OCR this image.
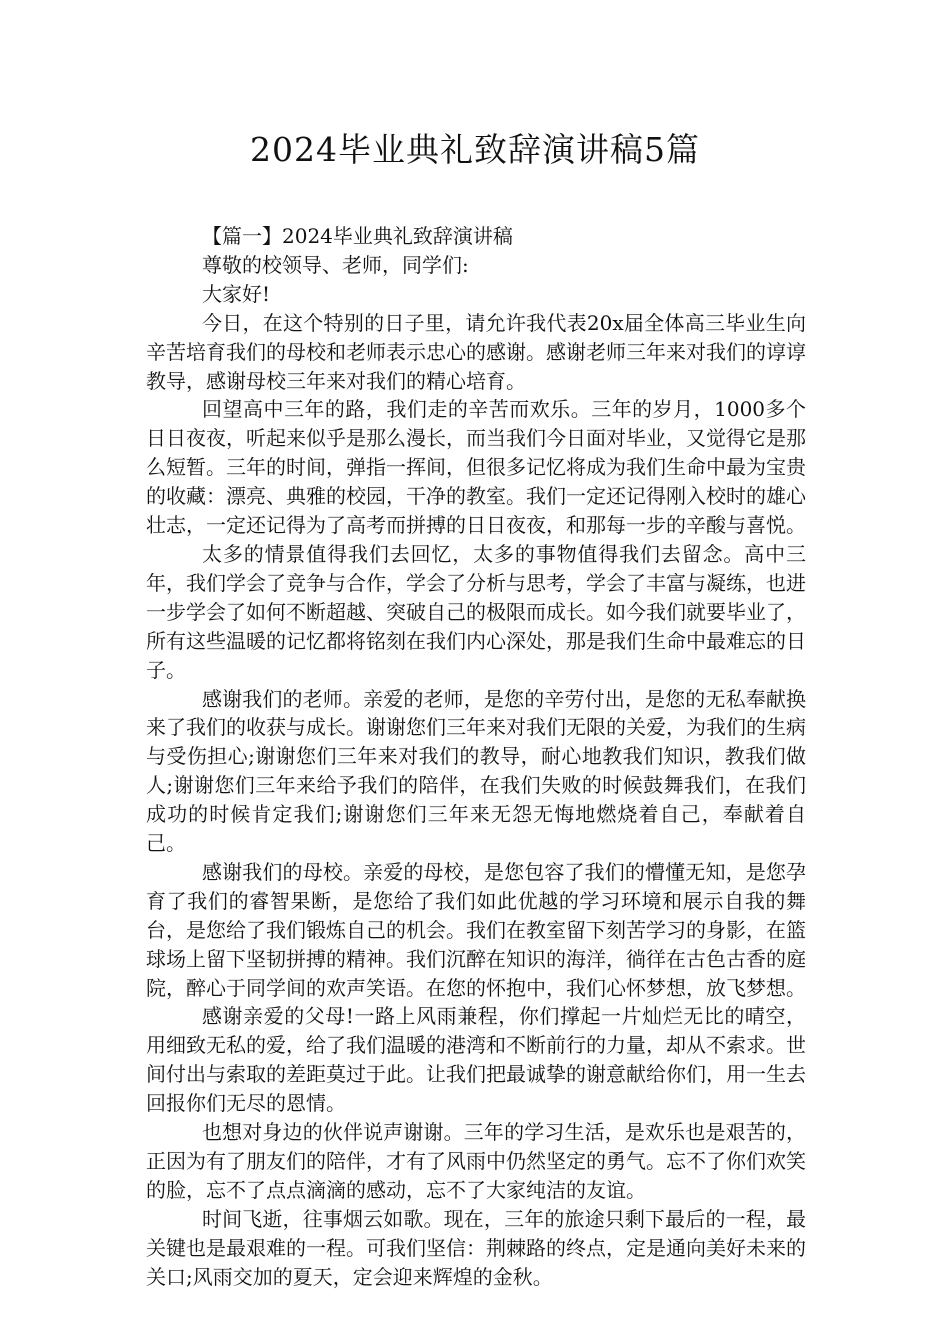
2024毕业典礼致辞演讲稿5篇

【篇一】2024毕业典礼致辞演讲稿

尊敬的校领导、老师，同学们:

大家好!

今日，在这个特别的日子里，请允许我代表20x届全体高三毕业生向辛苦培育我们的母校和老师表示忠心的感谢。感谢老师三年来对我们的谆谆教导，感谢母校三年来对我们的精心培育。

回望高中三年的路，我们走的辛苦而欢乐。三年的岁月，1000多个日日夜夜，听起来似乎是那么漫长，而当我们今日面对毕业，又觉得它是那么短暂。三年的时间，弹指一挥间，但很多记忆将成为我们生命中最为宝贵的收藏：漂亮、典雅的校园，干净的教室。我们一定还记得刚入校时的雄心壮志，一定还记得为了高考而拼搏的日日夜夜，和那每一步的辛酸与喜悦。

太多的情景值得我们去回忆，太多的事物值得我们去留念。高中三年，我们学会了竞争与合作，学会了分析与思考，学会了丰富与凝练，也进一步学会了如何不断超越、突破自己的极限而成长。如今我们就要毕业了，所有这些温暖的记忆都将铭刻在我们内心深处，那是我们生命中最难忘的日子。

感谢我们的老师。亲爱的老师，是您的辛劳付出，是您的无私奉献换来了我们的收获与成长。谢谢您们三年来对我们无限的关爱，为我们的生病与受伤担心;谢谢您们三年来对我们的教导，耐心地教我们知识，教我们做人;谢谢您们三年来给予我们的陪伴，在我们失败的时候鼓舞我们，在我们成功的时候肯定我们;谢谢您们三年来无怨无悔地燃烧着自己，奉献着自己。

感谢我们的母校。亲爱的母校，是您包容了我们的懵懂无知，是您孕育了我们的睿智果断，是您给了我们如此优越的学习环境和展示自我的舞台，是您给了我们锻炼自己的机会。我们在教室留下刻苦学习的身影，在篮球场上留下坚韧拼搏的精神。我们沉醉在知识的海洋，徜徉在古色古香的庭院，醉心于同学间的欢声笑语。在您的怀抱中，我们心怀梦想，放飞梦想。

感谢亲爱的父母!一路上风雨兼程，你们撑起一片灿烂无比的晴空，用细致无私的爱，给了我们温暖的港湾和不断前行的力量，却从不索求。世间付出与索取的差距莫过于此。让我们把最诚挚的谢意献给你们，用一生去回报你们无尽的恩情。

也想对身边的伙伴说声谢谢。三年的学习生活，是欢乐也是艰苦的，正因为有了朋友们的陪伴，才有了风雨中仍然坚定的勇气。忘不了你们欢笑的脸，忘不了点点滴滴的感动，忘不了大家纯洁的友谊。

时间飞逝，往事烟云如歌。现在，三年的旅途只剩下最后的一程，最关键也是最艰难的一程。可我们坚信：荆棘路的终点，定是通向美好未来的关口;风雨交加的夏天，定会迎来辉煌的金秋。
